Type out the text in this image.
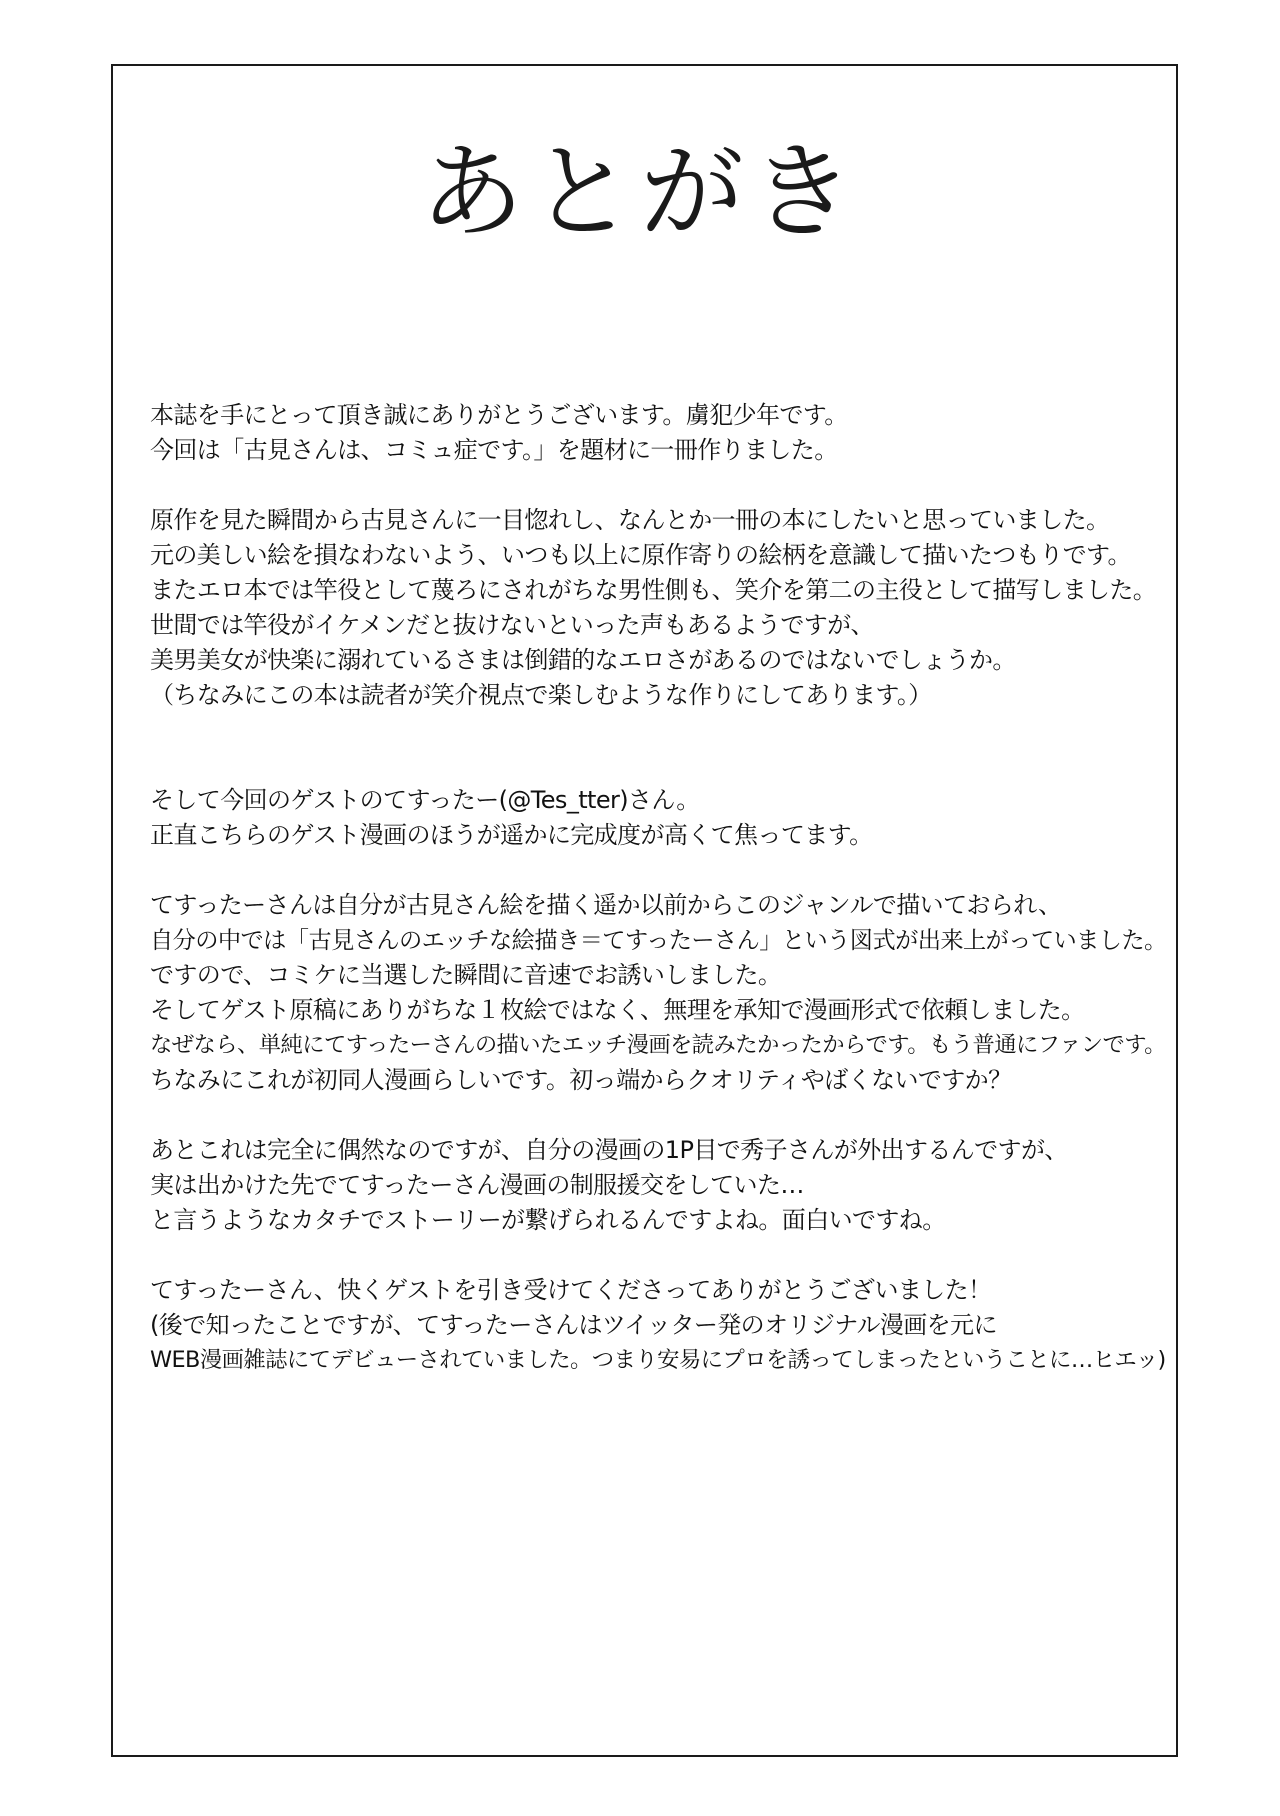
あとがき
本誌を手にとって頂き誠にありがとうございます。虜犯少年です。
今回は「古見さんは、コミュ症です。」を題材に一冊作りました。
原作を見た瞬間から古見さんに一目惚れし、なんとか一冊の本にしたいと思っていました。
元の美しい絵を損なわないよう、いつも以上に原作寄りの絵柄を意識して描いたつもりです。
またエロ本では竿役として蔑ろにされがちな男性側も、笑介を第二の主役として描写しました。
世間では竿役がイケメンだと抜けないといった声もあるようですが、
美男美女が快楽に溺れているさまは倒錯的なエロさがあるのではないでしょうか。
（ちなみにこの本は読者が笑介視点で楽しむような作りにしてあります。）
そして今回のゲストのてすったー(@Tes_tter)さん。
正直こちらのゲスト漫画のほうが遥かに完成度が高くて焦ってます。
てすったーさんは自分が古見さん絵を描く遥か以前からこのジャンルで描いておられ、
自分の中では「古見さんのエッチな絵描き＝てすったーさん」という図式が出来上がっていました。
ですので、コミケに当選した瞬間に音速でお誘いしました。
そしてゲスト原稿にありがちな１枚絵ではなく、無理を承知で漫画形式で依頼しました。
なぜなら、単純にてすったーさんの描いたエッチ漫画を読みたかったからです。もう普通にファンです。
ちなみにこれが初同人漫画らしいです。初っ端からクオリティやばくないですか？
あとこれは完全に偶然なのですが、自分の漫画の1P目で秀子さんが外出するんですが、
実は出かけた先でてすったーさん漫画の制服援交をしていた…
と言うようなカタチでストーリーが繋げられるんですよね。面白いですね。
てすったーさん、快くゲストを引き受けてくださってありがとうございました！
(後で知ったことですが、てすったーさんはツイッター発のオリジナル漫画を元に
WEB漫画雑誌にてデビューされていました。つまり安易にプロを誘ってしまったということに…ヒエッ)
